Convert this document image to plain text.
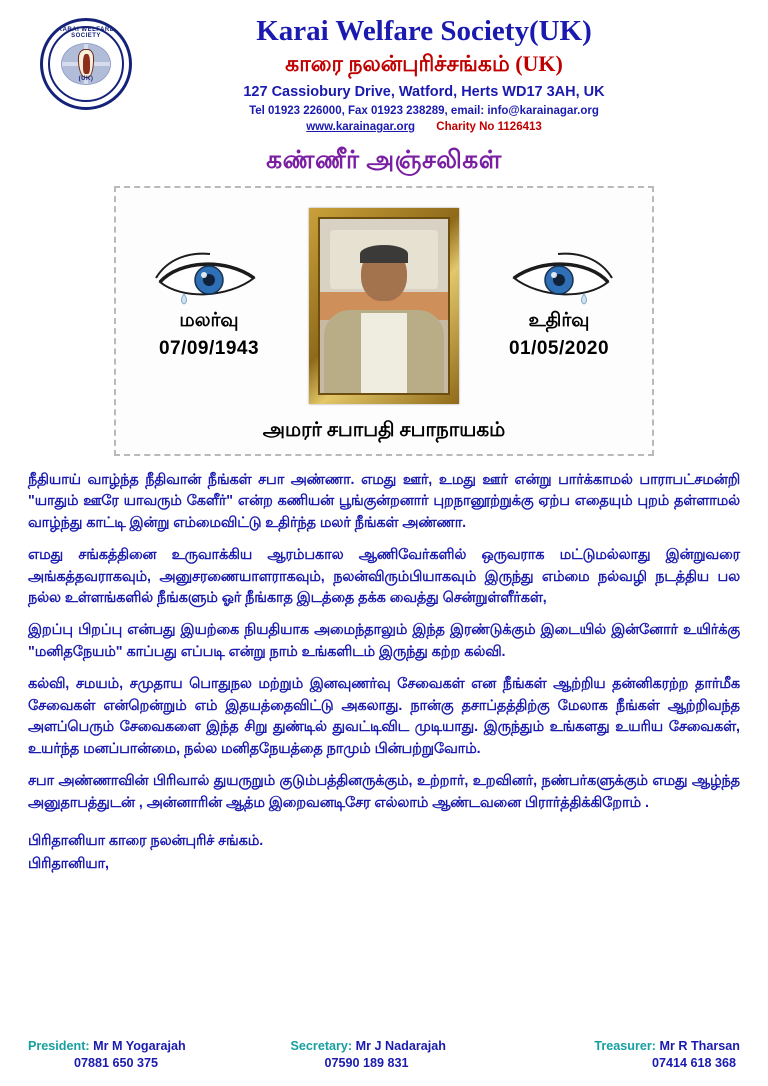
KARAI WELFARE SOCIETY
(UK)
Karai Welfare Society(UK)
காரை நலன்புரிச்சங்கம் (UK)
127 Cassiobury Drive, Watford, Herts WD17 3AH, UK
Tel 01923 226000, Fax 01923 238289, email: info@karainagar.org
www.karainagar.org Charity No 1126413
கண்ணீர் அஞ்சலிகள்
மலர்வு
07/09/1943
உதிர்வு
01/05/2020
அமரர் சபாபதி சபாநாயகம்
நீதியாய் வாழ்ந்த நீதிவான் நீங்கள் சபா அண்ணா. எமது ஊர், உமது ஊர் என்று பார்க்காமல் பாராபட்சமன்றி "யாதும் ஊரே யாவரும் கேளீர்" என்ற கணியன் பூங்குன்றனார் புறநானூற்றுக்கு ஏற்ப எதையும் புறம் தள்ளாமல் வாழ்ந்து காட்டி இன்று எம்மைவிட்டு உதிர்ந்த மலர் நீங்கள் அண்ணா.
எமது சங்கத்தினை உருவாக்கிய ஆரம்பகால ஆணிவேர்களில் ஒருவராக மட்டுமல்லாது இன்றுவரை அங்கத்தவராகவும், அனுசரணையாளராகவும், நலன்விரும்பியாகவும் இருந்து எம்மை நல்வழி நடத்திய பல நல்ல உள்ளங்களில் நீங்களும் ஓர் நீங்காத இடத்தை தக்க வைத்து சென்றுள்ளீர்கள்,
இறப்பு பிறப்பு என்பது இயற்கை நியதியாக அமைந்தாலும் இந்த இரண்டுக்கும் இடையில் இன்னோர் உயிர்க்கு "மனிதநேயம்" காப்பது எப்படி என்று நாம் உங்களிடம் இருந்து கற்ற கல்வி.
கல்வி, சமயம், சமுதாய பொதுநல மற்றும் இனவுணர்வு சேவைகள் என நீங்கள் ஆற்றிய தன்னிகரற்ற தார்மீக சேவைகள் என்றென்றும் எம் இதயத்தைவிட்டு அகலாது. நான்கு தசாப்தத்திற்கு மேலாக நீங்கள் ஆற்றிவந்த அளப்பெரும் சேவைகளை இந்த சிறு துண்டில் துவட்டிவிட முடியாது. இருந்தும் உங்களது உயரிய சேவைகள், உயர்ந்த மனப்பான்மை, நல்ல மனிதநேயத்தை நாமும் பின்பற்றுவோம்.
சபா அண்ணாவின் பிரிவால் துயருறும் குடும்பத்தினருக்கும், உற்றார், உறவினர், நண்பர்களுக்கும் எமது ஆழ்ந்த அனுதாபத்துடன் , அன்னாரின் ஆத்ம இறைவனடிசேர எல்லாம் ஆண்டவனை பிரார்த்திக்கிறோம் .
பிரிதானியா காரை நலன்புரிச் சங்கம்.
பிரிதானியா,
President: Mr M Yogarajah
07881 650 375
Secretary: Mr J Nadarajah
07590 189 831
Treasurer: Mr R Tharsan
07414 618 368
